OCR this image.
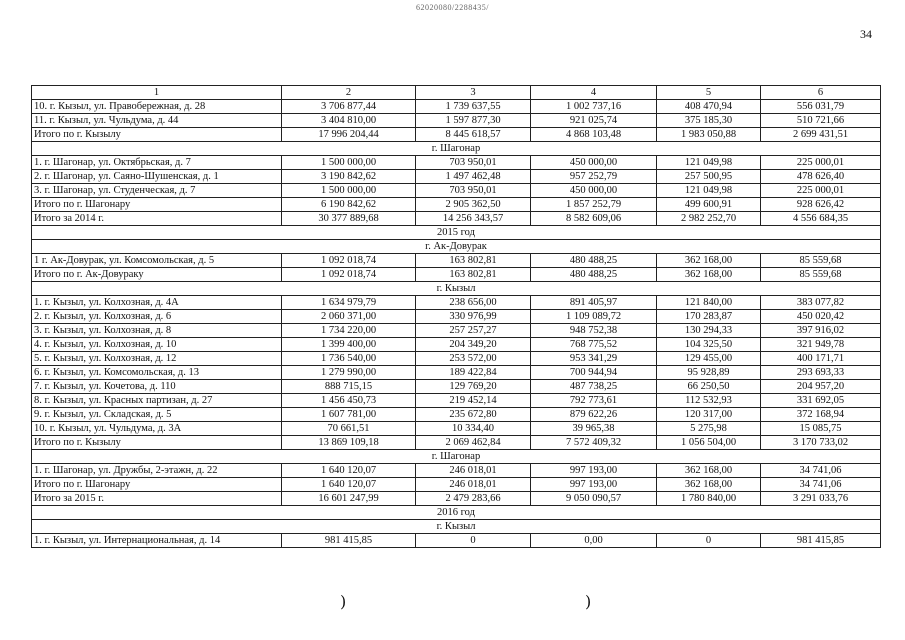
62020080/2288435/
34
1	2	3	4	5	6
10. г. Кызыл, ул. Правобережная, д. 28	3 706 877,44	1 739 637,55	1 002 737,16	408 470,94	556 031,79
11. г. Кызыл, ул. Чульдума, д. 44	3 404 810,00	1 597 877,30	921 025,74	375 185,30	510 721,66
Итого по г. Кызылу	17 996 204,44	8 445 618,57	4 868 103,48	1 983 050,88	2 699 431,51
г. Шагонар					
1. г. Шагонар, ул. Октябрьская, д. 7	1 500 000,00	703 950,01	450 000,00	121 049,98	225 000,01
2. г. Шагонар, ул. Саяно-Шушенская, д. 1	3 190 842,62	1 497 462,48	957 252,79	257 500,95	478 626,40
3. г. Шагонар, ул. Студенческая, д. 7	1 500 000,00	703 950,01	450 000,00	121 049,98	225 000,01
Итого по г. Шагонару	6 190 842,62	2 905 362,50	1 857 252,79	499 600,91	928 626,42
Итого за 2014 г.	30 377 889,68	14 256 343,57	8 582 609,06	2 982 252,70	4 556 684,35
2015 год					
г. Ак-Довурак					
1 г. Ак-Довурак, ул. Комсомольская, д. 5	1 092 018,74	163 802,81	480 488,25	362 168,00	85 559,68
Итого по г. Ак-Довураку	1 092 018,74	163 802,81	480 488,25	362 168,00	85 559,68
г. Кызыл					
1. г. Кызыл, ул. Колхозная, д. 4А	1 634 979,79	238 656,00	891 405,97	121 840,00	383 077,82
2. г. Кызыл, ул. Колхозная, д. 6	2 060 371,00	330 976,99	1 109 089,72	170 283,87	450 020,42
3. г. Кызыл, ул. Колхозная, д. 8	1 734 220,00	257 257,27	948 752,38	130 294,33	397 916,02
4. г. Кызыл, ул. Колхозная, д. 10	1 399 400,00	204 349,20	768 775,52	104 325,50	321 949,78
5. г. Кызыл, ул. Колхозная, д. 12	1 736 540,00	253 572,00	953 341,29	129 455,00	400 171,71
6. г. Кызыл, ул. Комсомольская, д. 13	1 279 990,00	189 422,84	700 944,94	95 928,89	293 693,33
7. г. Кызыл, ул. Кочетова, д. 110	888 715,15	129 769,20	487 738,25	66 250,50	204 957,20
8. г. Кызыл, ул. Красных партизан, д. 27	1 456 450,73	219 452,14	792 773,61	112 532,93	331 692,05
9. г. Кызыл, ул. Складская, д. 5	1 607 781,00	235 672,80	879 622,26	120 317,00	372 168,94
10. г. Кызыл, ул. Чульдума, д. 3А	70 661,51	10 334,40	39 965,38	5 275,98	15 085,75
Итого по г. Кызылу	13 869 109,18	2 069 462,84	7 572 409,32	1 056 504,00	3 170 733,02
г. Шагонар					
1. г. Шагонар, ул. Дружбы, 2-этажн, д. 22	1 640 120,07	246 018,01	997 193,00	362 168,00	34 741,06
Итого по г. Шагонару	1 640 120,07	246 018,01	997 193,00	362 168,00	34 741,06
Итого за 2015 г.	16 601 247,99	2 479 283,66	9 050 090,57	1 780 840,00	3 291 033,76
2016 год					
г. Кызыл					
1. г. Кызыл, ул. Интернациональная, д. 14	981 415,85	0	0,00	0	981 415,85
)	)
